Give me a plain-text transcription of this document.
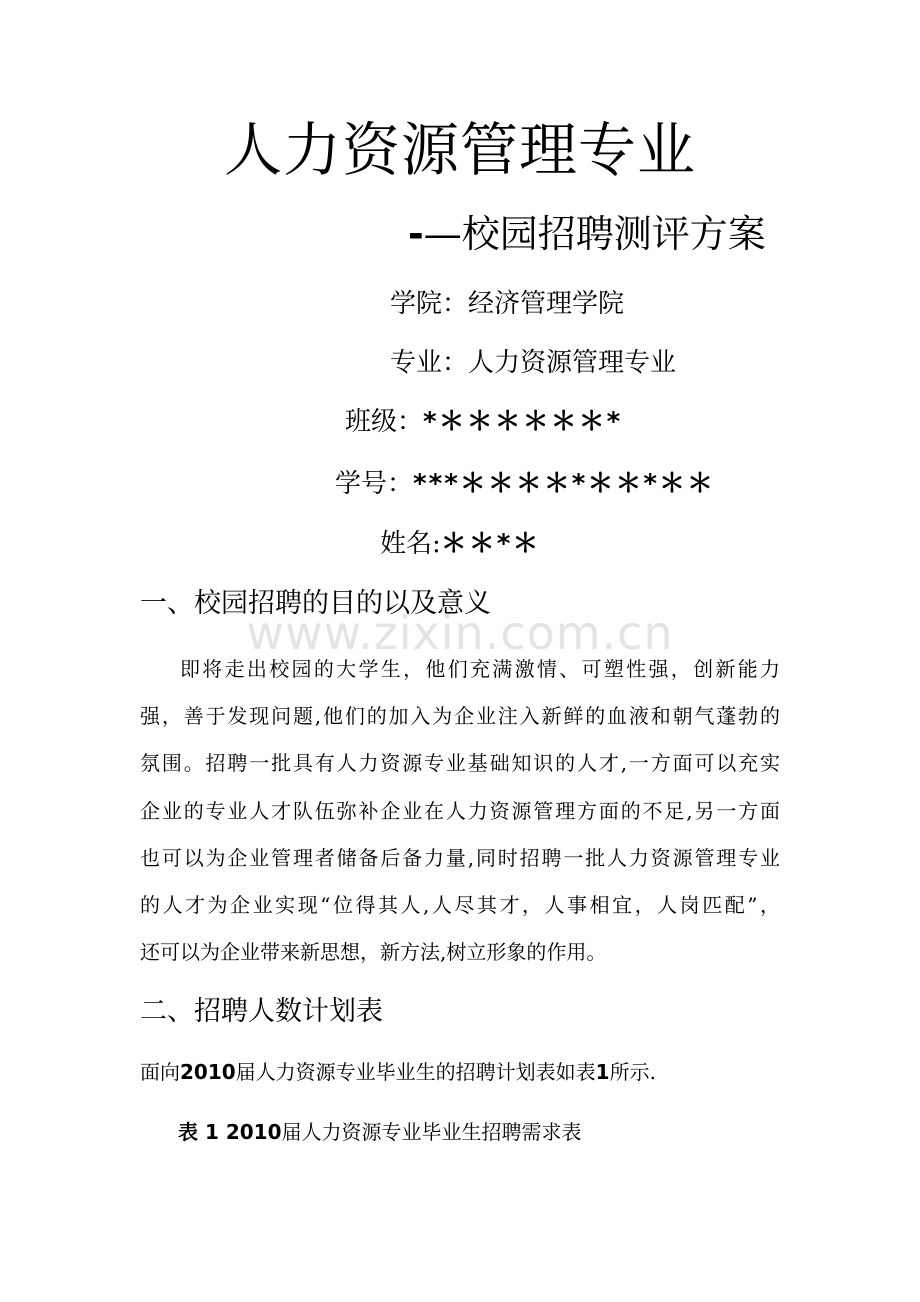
人力资源管理专业
-—校园招聘测评方案
学院：经济管理学院
专业：人力资源管理专业
班级：*＊＊＊＊＊＊*
学号：***＊＊＊＊*＊＊*＊＊
姓名:＊＊*＊
一、校园招聘的目的以及意义
www.zixin.com.cn
即将走出校园的大学生，他们充满激情、可塑性强，创新能力
强，善于发现问题,他们的加入为企业注入新鲜的血液和朝气蓬勃的
氛围。招聘一批具有人力资源专业基础知识的人才,一方面可以充实
企业的专业人才队伍弥补企业在人力资源管理方面的不足,另一方面
也可以为企业管理者储备后备力量,同时招聘一批人力资源管理专业
的人才为企业实现“位得其人,人尽其才，人事相宜，人岗匹配”，
还可以为企业带来新思想，新方法,树立形象的作用。
二、招聘人数计划表
面向2010届人力资源专业毕业生的招聘计划表如表1所示.
表 1 2010届人力资源专业毕业生招聘需求表
